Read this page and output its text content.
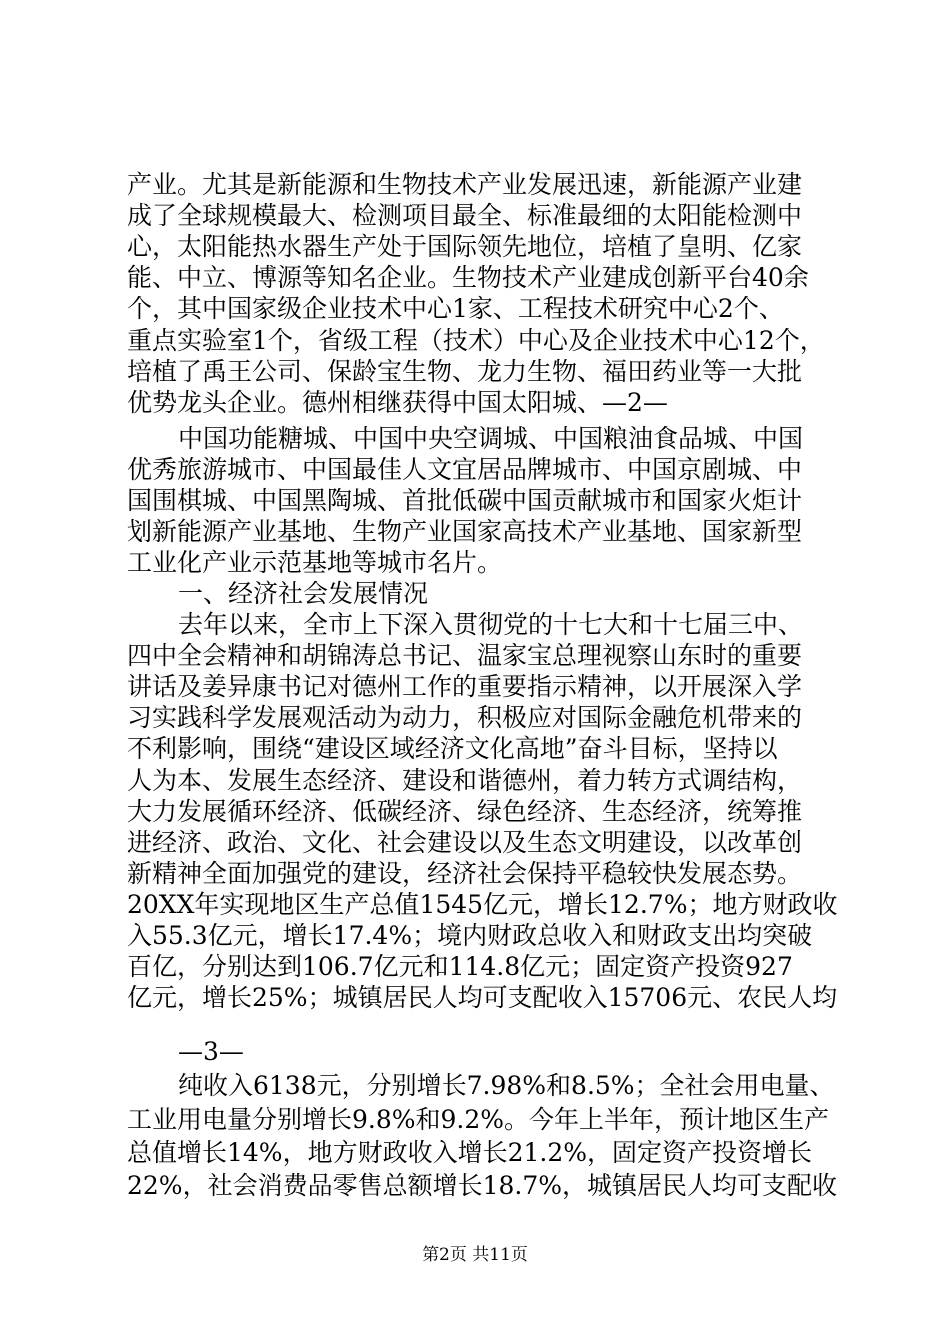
产业。尤其是新能源和生物技术产业发展迅速，新能源产业建
成了全球规模最大、检测项目最全、标准最细的太阳能检测中
心，太阳能热水器生产处于国际领先地位，培植了皇明、亿家
能、中立、博源等知名企业。生物技术产业建成创新平台40余
个，其中国家级企业技术中心1家、工程技术研究中心2个、
重点实验室1个，省级工程（技术）中心及企业技术中心12个，
培植了禹王公司、保龄宝生物、龙力生物、福田药业等一大批
优势龙头企业。德州相继获得中国太阳城、—2—
中国功能糖城、中国中央空调城、中国粮油食品城、中国
优秀旅游城市、中国最佳人文宜居品牌城市、中国京剧城、中
国围棋城、中国黑陶城、首批低碳中国贡献城市和国家火炬计
划新能源产业基地、生物产业国家高技术产业基地、国家新型
工业化产业示范基地等城市名片。
一、经济社会发展情况
去年以来，全市上下深入贯彻党的十七大和十七届三中、
四中全会精神和胡锦涛总书记、温家宝总理视察山东时的重要
讲话及姜异康书记对德州工作的重要指示精神，以开展深入学
习实践科学发展观活动为动力，积极应对国际金融危机带来的
不利影响，围绕“建设区域经济文化高地”奋斗目标，坚持以
人为本、发展生态经济、建设和谐德州，着力转方式调结构，
大力发展循环经济、低碳经济、绿色经济、生态经济，统筹推
进经济、政治、文化、社会建设以及生态文明建设，以改革创
新精神全面加强党的建设，经济社会保持平稳较快发展态势。
20XX年实现地区生产总值1545亿元，增长12.7%；地方财政收
入55.3亿元，增长17.4%；境内财政总收入和财政支出均突破
百亿，分别达到106.7亿元和114.8亿元；固定资产投资927
亿元，增长25%；城镇居民人均可支配收入15706元、农民人均
—3—
纯收入6138元，分别增长7.98%和8.5%；全社会用电量、
工业用电量分别增长9.8%和9.2%。今年上半年，预计地区生产
总值增长14%，地方财政收入增长21.2%，固定资产投资增长
22%，社会消费品零售总额增长18.7%，城镇居民人均可支配收
第2页 共11页
